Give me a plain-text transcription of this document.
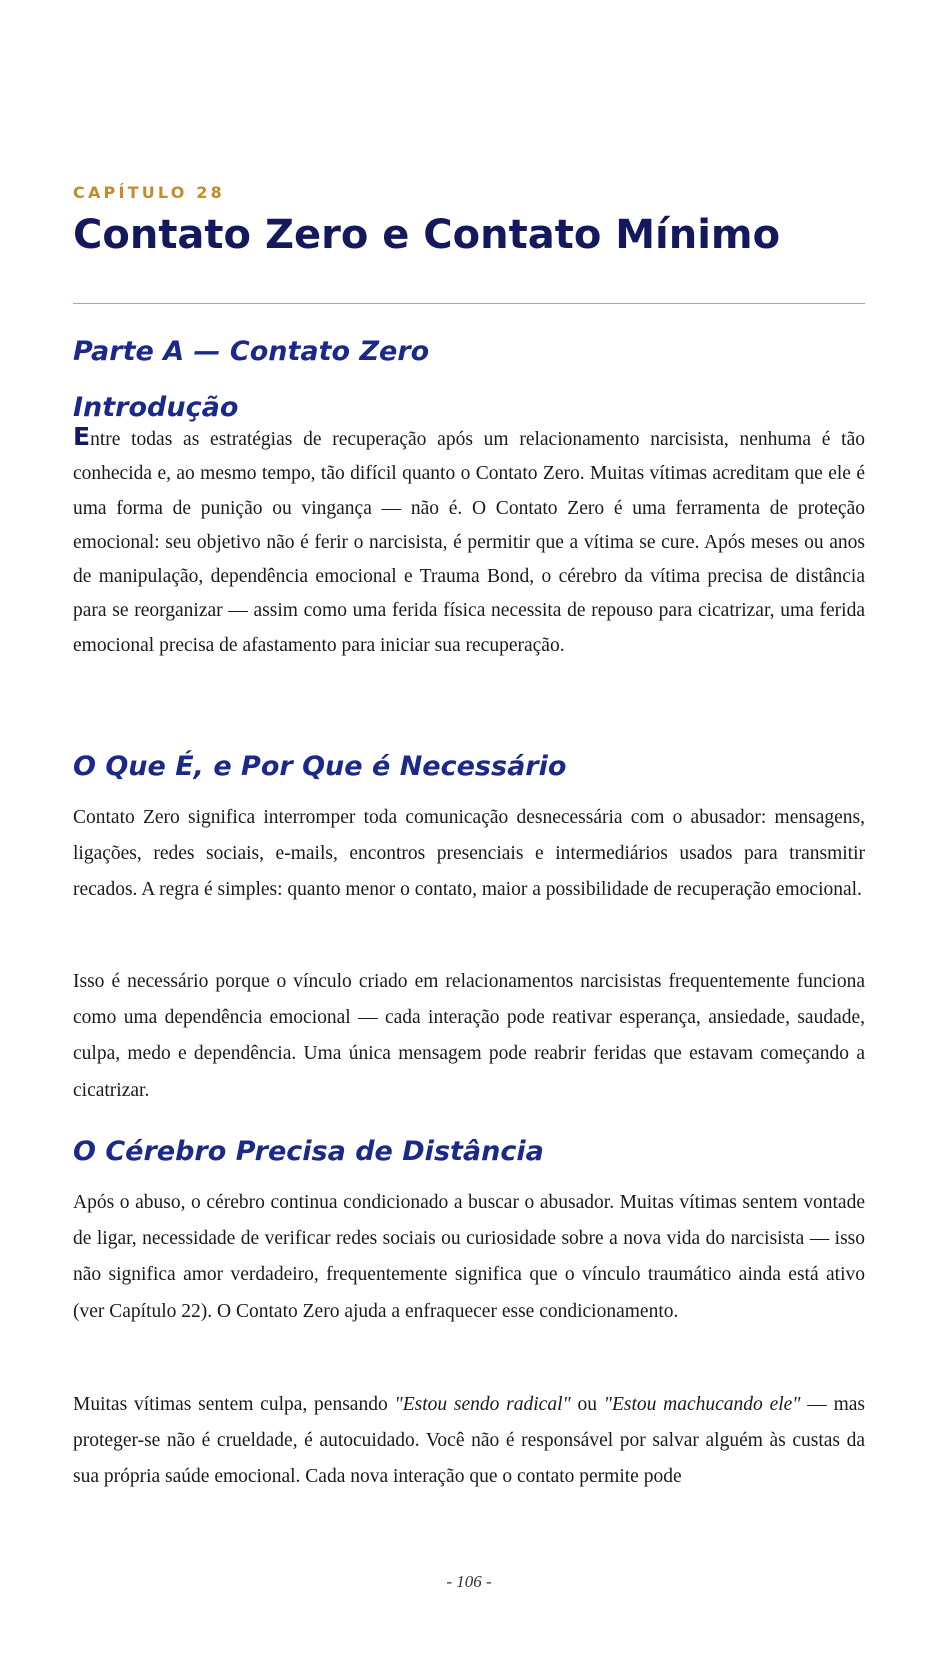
CAPÍTULO 28
Contato Zero e Contato Mínimo
Parte A — Contato Zero
Introdução

Entre todas as estratégias de recuperação após um relacionamento narcisista, nenhuma é tão conhecida e, ao mesmo tempo, tão difícil quanto o Contato Zero. Muitas vítimas acreditam que ele é uma forma de punição ou vingança — não é. O Contato Zero é uma ferramenta de proteção emocional: seu objetivo não é ferir o narcisista, é permitir que a vítima se cure. Após meses ou anos de manipulação, dependência emocional e Trauma Bond, o cérebro da vítima precisa de distância para se reorganizar — assim como uma ferida física necessita de repouso para cicatrizar, uma ferida emocional precisa de afastamento para iniciar sua recuperação.

O Que É, e Por Que é Necessário

Contato Zero significa interromper toda comunicação desnecessária com o abusador: mensagens, ligações, redes sociais, e-mails, encontros presenciais e intermediários usados para transmitir recados. A regra é simples: quanto menor o contato, maior a possibilidade de recuperação emocional.

Isso é necessário porque o vínculo criado em relacionamentos narcisistas frequentemente funciona como uma dependência emocional — cada interação pode reativar esperança, ansiedade, saudade, culpa, medo e dependência. Uma única mensagem pode reabrir feridas que estavam começando a cicatrizar.

O Cérebro Precisa de Distância

Após o abuso, o cérebro continua condicionado a buscar o abusador. Muitas vítimas sentem vontade de ligar, necessidade de verificar redes sociais ou curiosidade sobre a nova vida do narcisista — isso não significa amor verdadeiro, frequentemente significa que o vínculo traumático ainda está ativo (ver Capítulo 22). O Contato Zero ajuda a enfraquecer esse condicionamento.

Muitas vítimas sentem culpa, pensando "Estou sendo radical" ou "Estou machucando ele" — mas proteger-se não é crueldade, é autocuidado. Você não é responsável por salvar alguém às custas da sua própria saúde emocional. Cada nova interação que o contato permite pode

- 106 -
